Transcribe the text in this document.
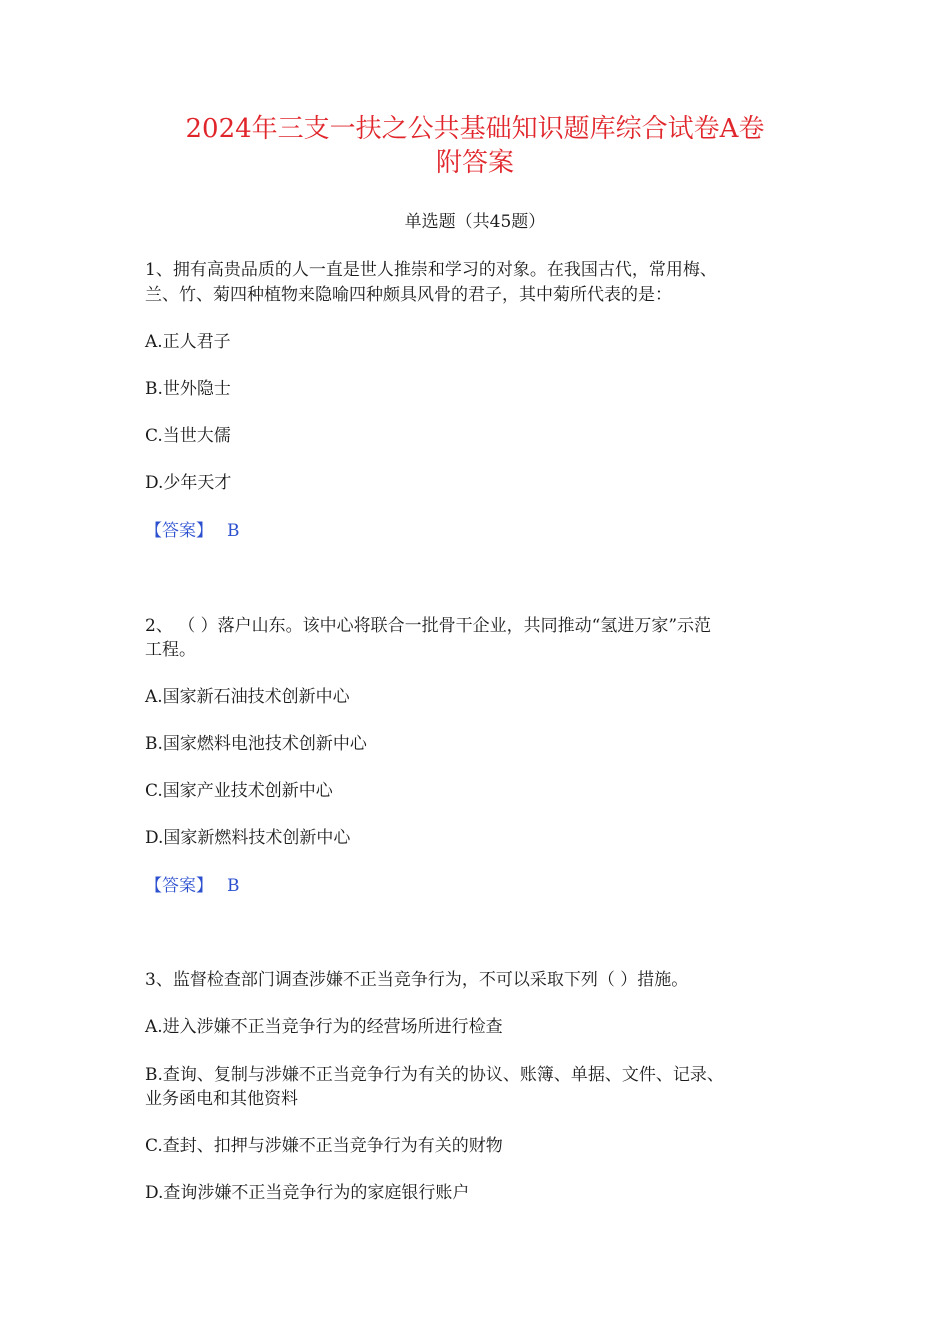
2024年三支一扶之公共基础知识题库综合试卷A卷
附答案
单选题（共45题）
1、拥有高贵品质的人一直是世人推崇和学习的对象。在我国古代，常用梅、
兰、竹、菊四种植物来隐喻四种颇具风骨的君子，其中菊所代表的是：
A.正人君子
B.世外隐士
C.当世大儒
D.少年天才
【答案】 B
2、 （ ）落户山东。该中心将联合一批骨干企业，共同推动“氢进万家”示范
工程。
A.国家新石油技术创新中心
B.国家燃料电池技术创新中心
C.国家产业技术创新中心
D.国家新燃料技术创新中心
【答案】 B
3、监督检查部门调查涉嫌不正当竞争行为，不可以采取下列（ ）措施。
A.进入涉嫌不正当竞争行为的经营场所进行检查
B.查询、复制与涉嫌不正当竞争行为有关的协议、账簿、单据、文件、记录、
业务函电和其他资料
C.查封、扣押与涉嫌不正当竞争行为有关的财物
D.查询涉嫌不正当竞争行为的家庭银行账户
